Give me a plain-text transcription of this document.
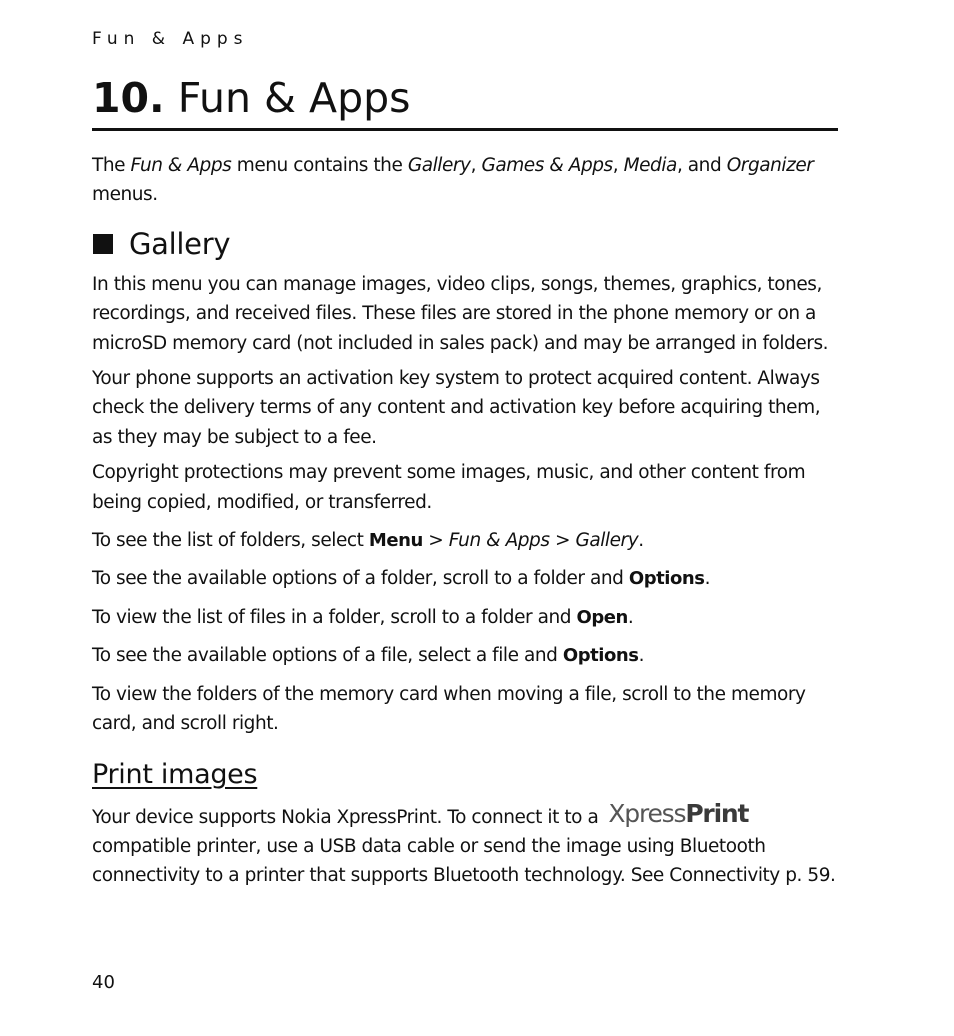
Fun & Apps
10. Fun & Apps

The Fun & Apps menu contains the Gallery, Games & Apps, Media, and Organizer menus.

Gallery

In this menu you can manage images, video clips, songs, themes, graphics, tones, recordings, and received files. These files are stored in the phone memory or on a microSD memory card (not included in sales pack) and may be arranged in folders.

Your phone supports an activation key system to protect acquired content. Always check the delivery terms of any content and activation key before acquiring them, as they may be subject to a fee.

Copyright protections may prevent some images, music, and other content from being copied, modified, or transferred.

To see the list of folders, select Menu > Fun & Apps > Gallery.

To see the available options of a folder, scroll to a folder and Options.

To view the list of files in a folder, scroll to a folder and Open.

To see the available options of a file, select a file and Options.

To view the folders of the memory card when moving a file, scroll to the memory card, and scroll right.

Print images

Your device supports Nokia XpressPrint. To connect it to a XpressPrint compatible printer, use a USB data cable or send the image using Bluetooth connectivity to a printer that supports Bluetooth technology. See Connectivity p. 59.

40
